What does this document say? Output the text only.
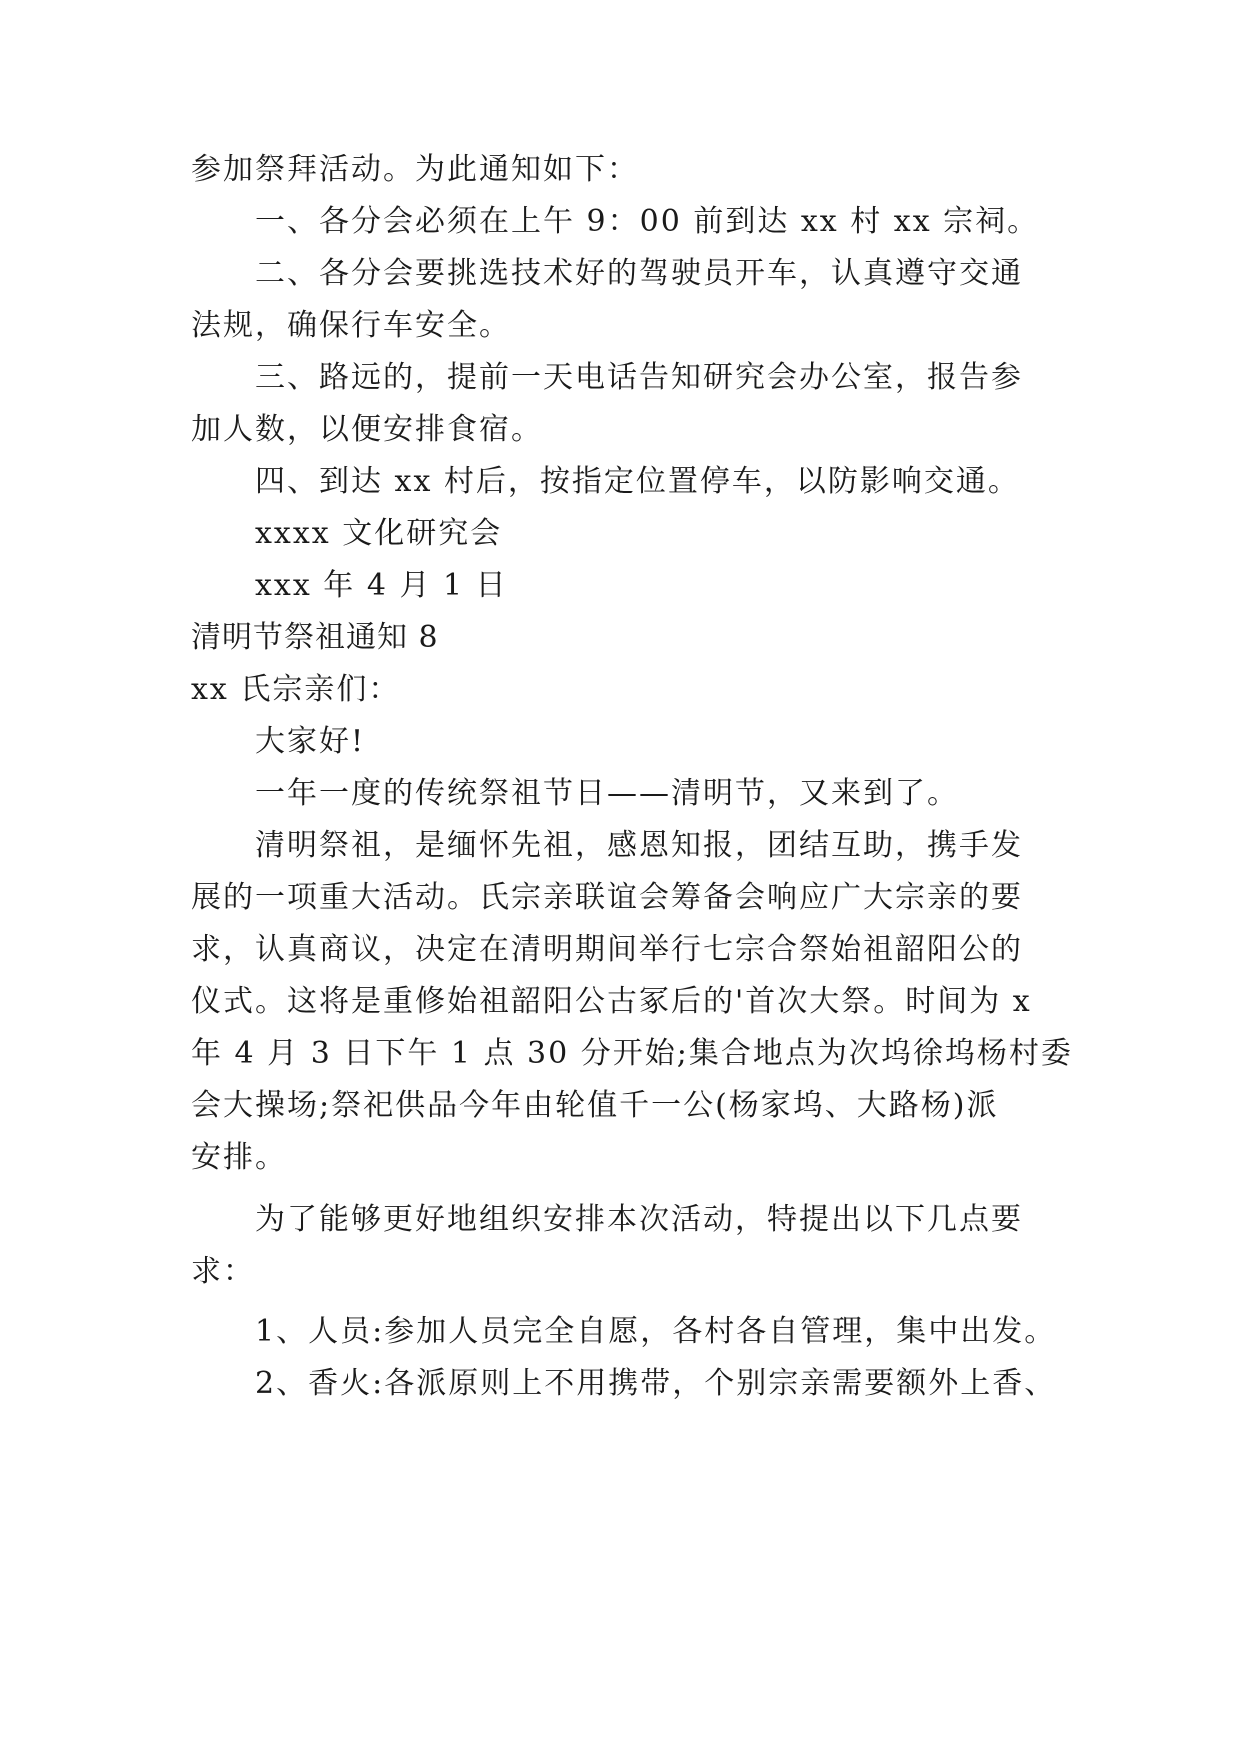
参加祭拜活动。为此通知如下：
一、各分会必须在上午 9：00 前到达 xx 村 xx 宗祠。
二、各分会要挑选技术好的驾驶员开车，认真遵守交通
法规，确保行车安全。
三、路远的，提前一天电话告知研究会办公室，报告参
加人数，以便安排食宿。
四、到达 xx 村后，按指定位置停车，以防影响交通。
xxxx 文化研究会
xxx 年 4 月 1 日
清明节祭祖通知 8
xx 氏宗亲们：
大家好!
一年一度的传统祭祖节日——清明节，又来到了。
清明祭祖，是缅怀先祖，感恩知报，团结互助，携手发
展的一项重大活动。氏宗亲联谊会筹备会响应广大宗亲的要
求，认真商议，决定在清明期间举行七宗合祭始祖韶阳公的
仪式。这将是重修始祖韶阳公古冢后的'首次大祭。时间为 x
年 4 月 3 日下午 1 点 30 分开始;集合地点为次坞徐坞杨村委
会大操场;祭祀供品今年由轮值千一公(杨家坞、大路杨)派
安排。
为了能够更好地组织安排本次活动，特提出以下几点要
求：
1、人员:参加人员完全自愿，各村各自管理，集中出发。
2、香火:各派原则上不用携带，个别宗亲需要额外上香、
